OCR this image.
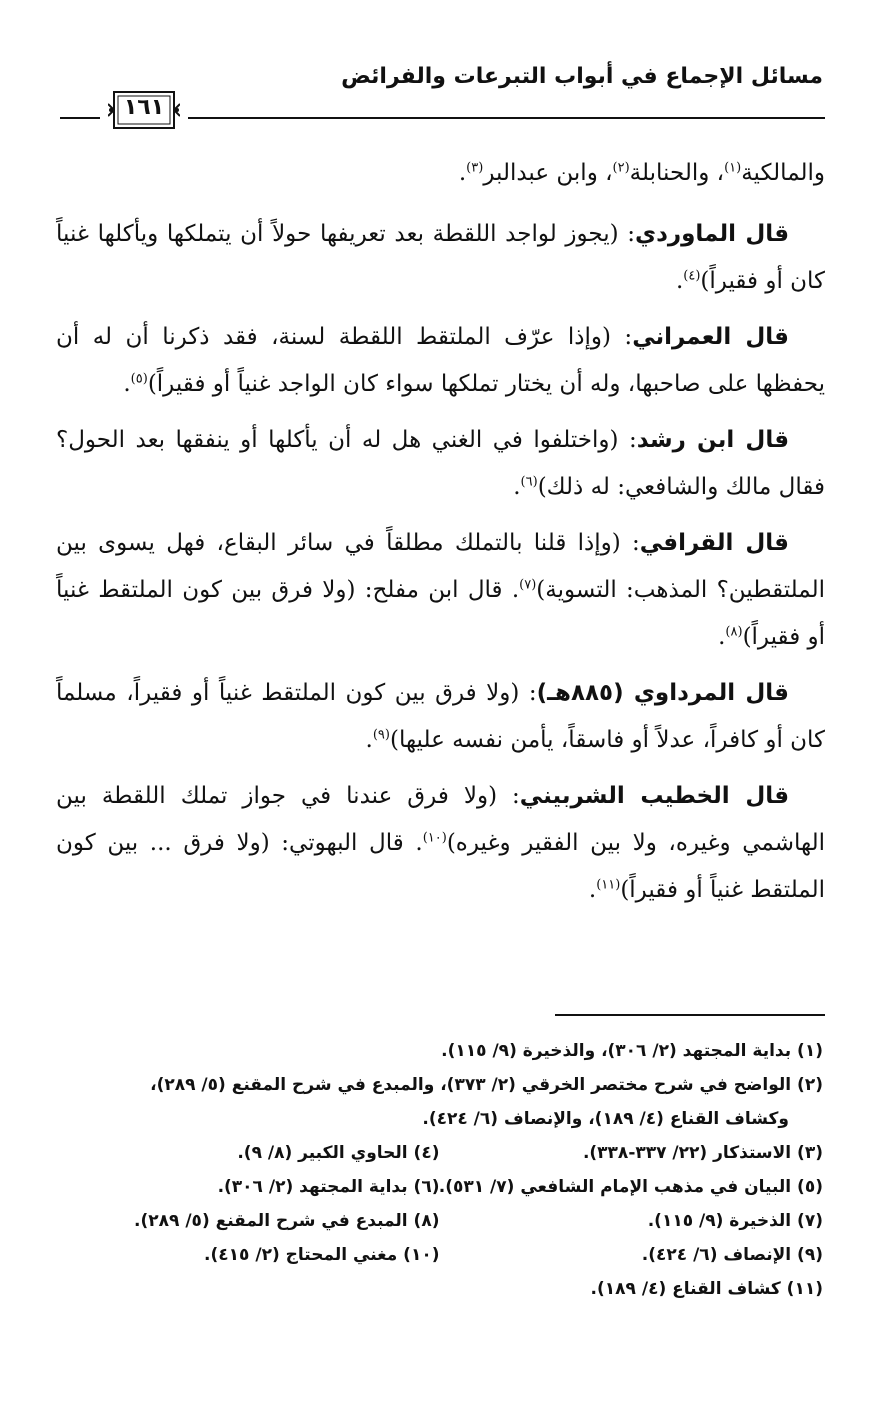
مسائل الإجماع في أبواب التبرعات والفرائض
١٦١

والمالكية$^{(١)}$، والحنابلة$^{(٢)}$، وابن عبدالبر$^{(٣)}$.

قال الماوردي: (يجوز لواجد اللقطة بعد تعريفها حولاً أن يتملكها ويأكلها غنياً كان أو فقيراً)$^{(٤)}$.

قال العمراني: (وإذا عرّف الملتقط اللقطة لسنة، فقد ذكرنا أن له أن يحفظها على صاحبها، وله أن يختار تملكها سواء كان الواجد غنياً أو فقيراً)$^{(٥)}$.

قال ابن رشد: (واختلفوا في الغني هل له أن يأكلها أو ينفقها بعد الحول؟ فقال مالك والشافعي: له ذلك)$^{(٦)}$.

قال القرافي: (وإذا قلنا بالتملك مطلقاً في سائر البقاع، فهل يسوى بين الملتقطين؟ المذهب: التسوية)$^{(٧)}$. قال ابن مفلح: (ولا فرق بين كون الملتقط غنياً أو فقيراً)$^{(٨)}$.

قال المرداوي (٨٨٥هـ): (ولا فرق بين كون الملتقط غنياً أو فقيراً، مسلماً كان أو كافراً، عدلاً أو فاسقاً، يأمن نفسه عليها)$^{(٩)}$.

قال الخطيب الشربيني: (ولا فرق عندنا في جواز تملك اللقطة بين الهاشمي وغيره، ولا بين الفقير وغيره)$^{(١٠)}$. قال البهوتي: (ولا فرق ... بين كون الملتقط غنياً أو فقيراً)$^{(١١)}$.

(١) بداية المجتهد (٢/ ٣٠٦)، والذخيرة (٩/ ١١٥).
(٢) الواضح في شرح مختصر الخرقي (٢/ ٣٧٣)، والمبدع في شرح المقنع (٥/ ٢٨٩)،
وكشاف القناع (٤/ ١٨٩)، والإنصاف (٦/ ٤٢٤).
(٣) الاستذكار (٢٢/ ٣٣٧-٣٣٨).
(٤) الحاوي الكبير (٨/ ٩).
(٥) البيان في مذهب الإمام الشافعي (٧/ ٥٣١).
(٦) بداية المجتهد (٢/ ٣٠٦).
(٧) الذخيرة (٩/ ١١٥).
(٨) المبدع في شرح المقنع (٥/ ٢٨٩).
(٩) الإنصاف (٦/ ٤٢٤).
(١٠) مغني المحتاج (٢/ ٤١٥).
(١١) كشاف القناع (٤/ ١٨٩).
